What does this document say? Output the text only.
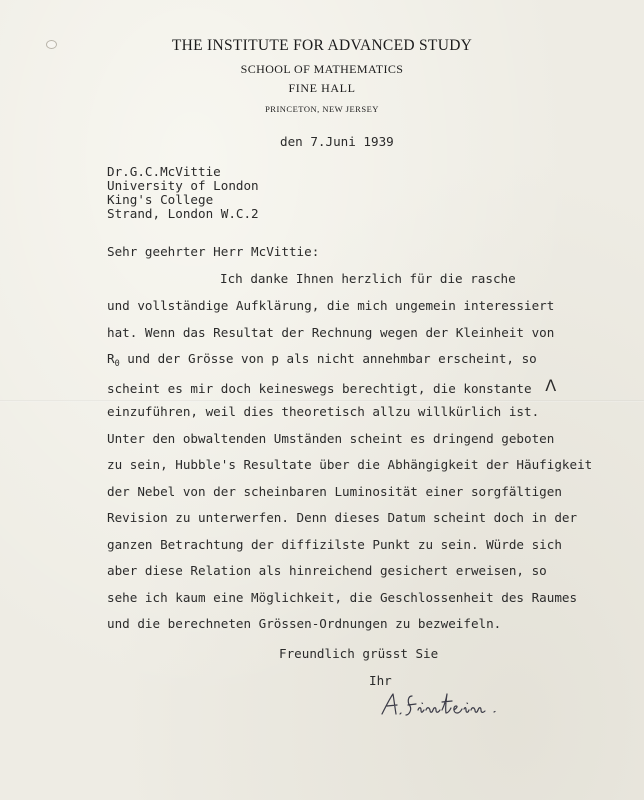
THE INSTITUTE FOR ADVANCED STUDY
SCHOOL OF MATHEMATICS
FINE HALL
PRINCETON, NEW JERSEY
den 7.Juni 1939
Dr.G.C.McVittie
University of London
King's College
Strand, London W.C.2
Sehr geehrter Herr McVittie:
Ich danke Ihnen herzlich für die rasche
und vollständige Aufklärung, die mich ungemein interessiert
hat. Wenn das Resultat der Rechnung wegen der Kleinheit von
$R_0$ und der Grösse von p als nicht annehmbar erscheint, so
scheint es mir doch keineswegs berechtigt, die konstante Λ
einzuführen, weil dies theoretisch allzu willkürlich ist.
Unter den obwaltenden Umständen scheint es dringend geboten
zu sein, Hubble's Resultate über die Abhängigkeit der Häufigkeit
der Nebel von der scheinbaren Luminosität einer sorgfältigen
Revision zu unterwerfen. Denn dieses Datum scheint doch in der
ganzen Betrachtung der diffizilste Punkt zu sein. Würde sich
aber diese Relation als hinreichend gesichert erweisen, so
sehe ich kaum eine Möglichkeit, die Geschlossenheit des Raumes
und die berechneten Grössen-Ordnungen zu bezweifeln.
Freundlich grüsst Sie
Ihr
